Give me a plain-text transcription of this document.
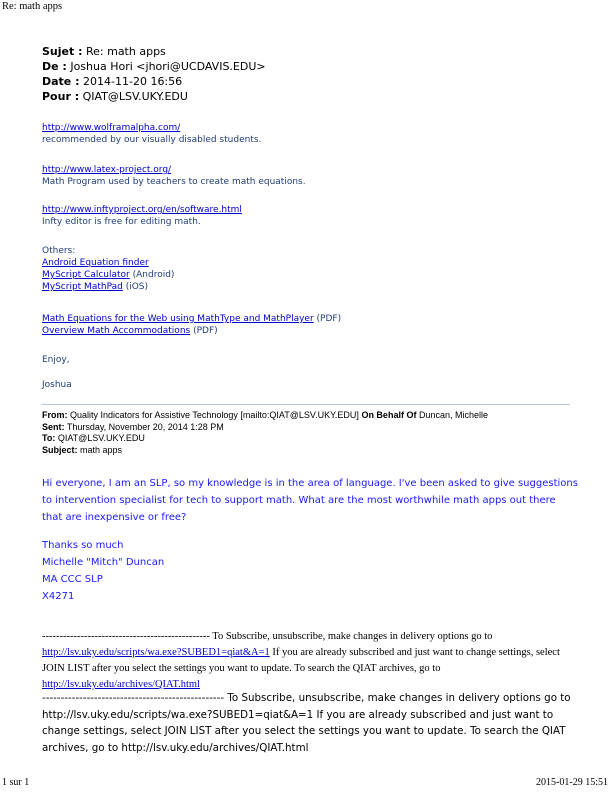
Re: math apps
Sujet : Re: math apps
De : Joshua Hori <jhori@UCDAVIS.EDU>
Date : 2014-11-20 16:56
Pour : QIAT@LSV.UKY.EDU
http://www.wolframalpha.com/
recommended by our visually disabled students.
http://www.latex-project.org/
Math Program used by teachers to create math equations.
http://www.inftyproject.org/en/software.html
Infty editor is free for editing math.
Others:
Android Equation finder
MyScript Calculator (Android)
MyScript MathPad (iOS)
Math Equations for the Web using MathType and MathPlayer (PDF)
Overview Math Accommodations (PDF)
Enjoy,
Joshua
From: Quality Indicators for Assistive Technology [mailto:QIAT@LSV.UKY.EDU] On Behalf Of Duncan, Michelle
Sent: Thursday, November 20, 2014 1:28 PM
To: QIAT@LSV.UKY.EDU
Subject: math apps
Hi everyone, I am an SLP, so my knowledge is in the area of language. I've been asked to give suggestions
to intervention specialist for tech to support math. What are the most worthwhile math apps out there
that are inexpensive or free?
Thanks so much
Michelle "Mitch" Duncan
MA CCC SLP
X4271
------------------------------------------------ To Subscribe, unsubscribe, make changes in delivery options go to http://lsv.uky.edu/scripts/wa.exe?SUBED1=qiat&A=1 If you are already subscribed and just want to change settings, select JOIN LIST after you select the settings you want to update. To search the QIAT archives, go to http://lsv.uky.edu/archives/QIAT.html
------------------------------------------------- To Subscribe, unsubscribe, make changes in delivery options go to http://lsv.uky.edu/scripts/wa.exe?SUBED1=qiat&A=1 If you are already subscribed and just want to change settings, select JOIN LIST after you select the settings you want to update. To search the QIAT archives, go to http://lsv.uky.edu/archives/QIAT.html
1 sur 1	2015-01-29 15:51
